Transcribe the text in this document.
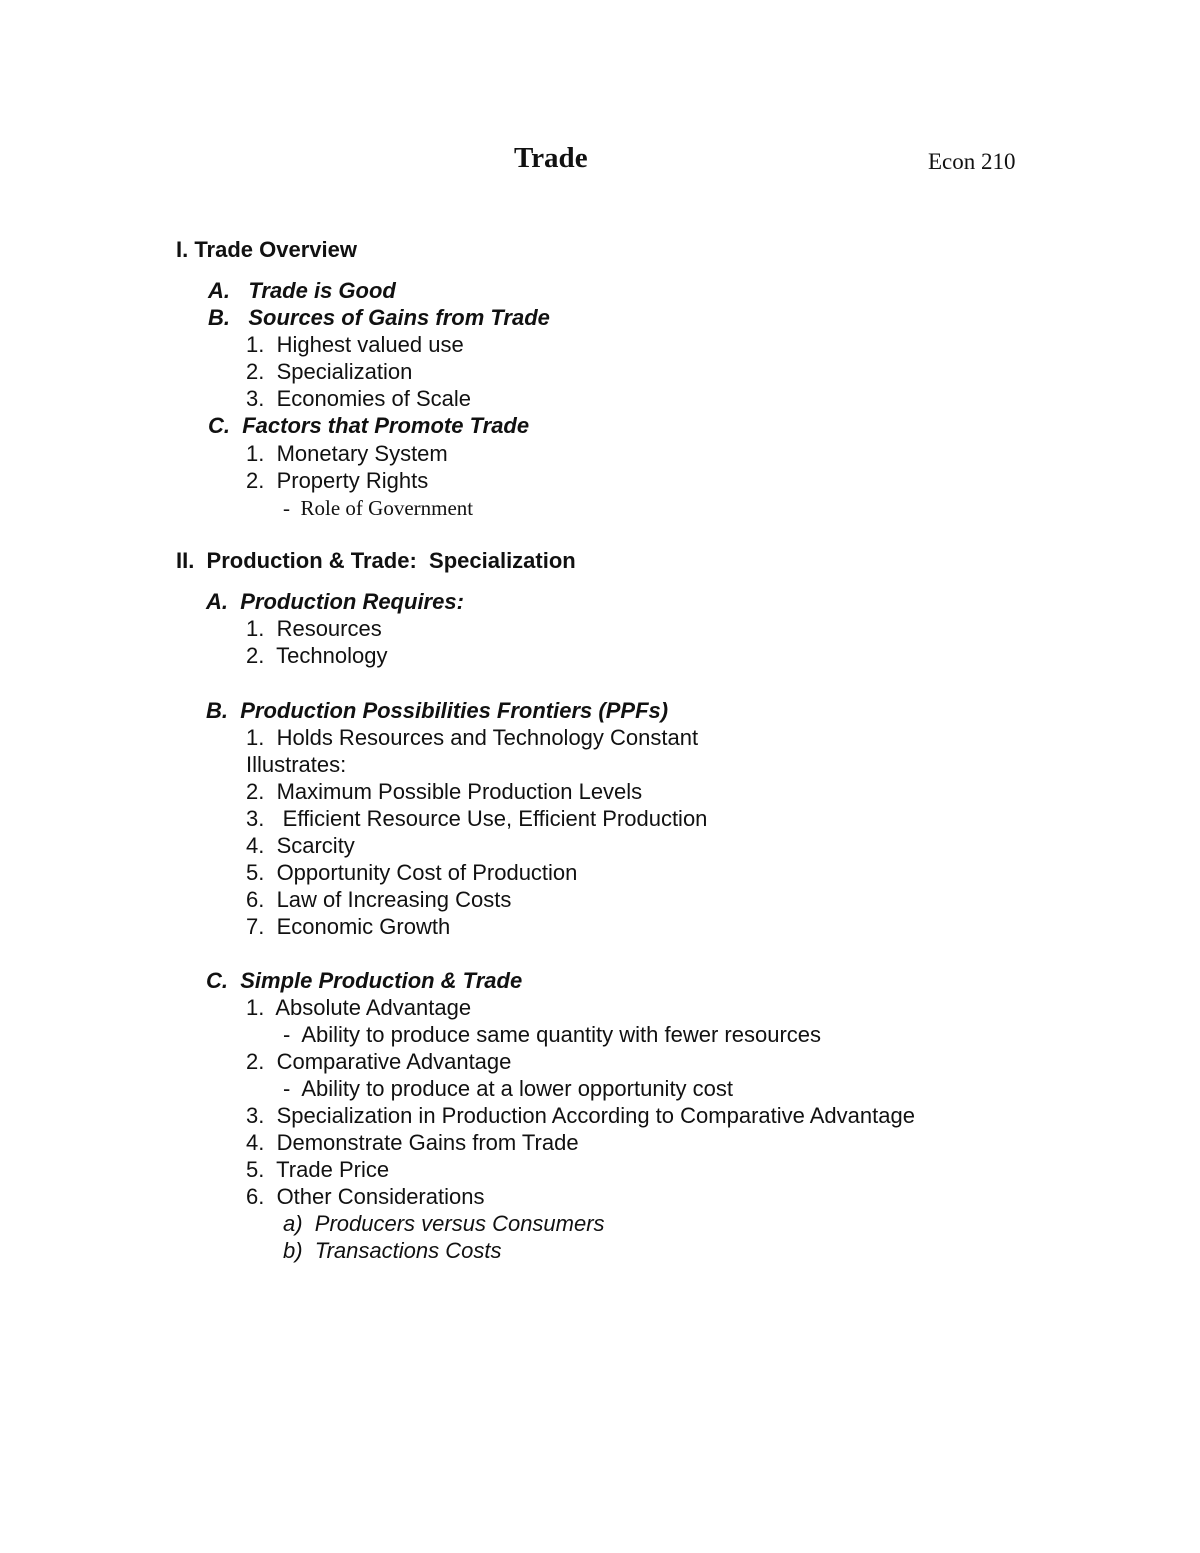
Trade	Econ 210
I. Trade Overview
A.   Trade is Good
B.   Sources of Gains from Trade
1.  Highest valued use
2.  Specialization
3.  Economies of Scale
C.  Factors that Promote Trade
1.  Monetary System
2.  Property Rights
-  Role of Government
II.  Production & Trade:  Specialization
A.  Production Requires:
1.  Resources
2.  Technology
B.  Production Possibilities Frontiers (PPFs)
1.  Holds Resources and Technology Constant
Illustrates:
2.  Maximum Possible Production Levels
3.   Efficient Resource Use, Efficient Production
4.  Scarcity
5.  Opportunity Cost of Production
6.  Law of Increasing Costs
7.  Economic Growth
C.  Simple Production & Trade
1.  Absolute Advantage
-  Ability to produce same quantity with fewer resources
2.  Comparative Advantage
-  Ability to produce at a lower opportunity cost
3.  Specialization in Production According to Comparative Advantage
4.  Demonstrate Gains from Trade
5.  Trade Price
6.  Other Considerations
a)  Producers versus Consumers
b)  Transactions Costs
